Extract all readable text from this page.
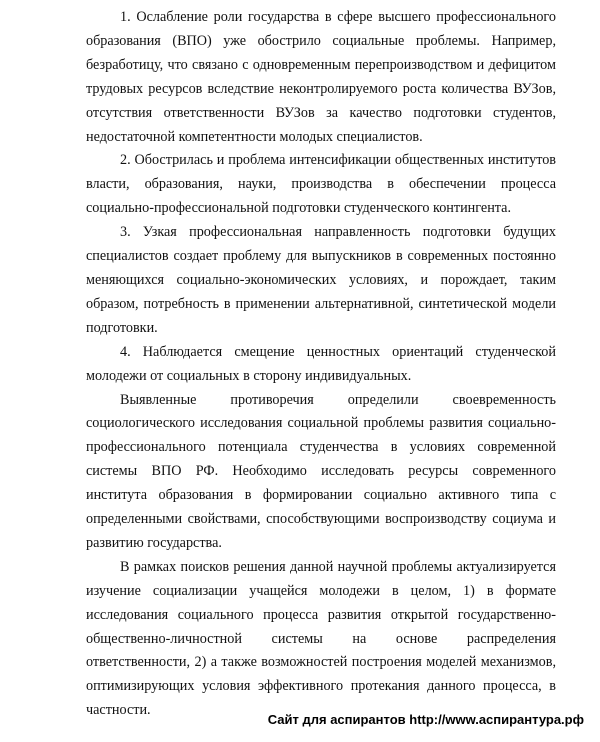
1. Ослабление роли государства в сфере высшего профессионального образования (ВПО) уже обострило социальные проблемы. Например, безработицу, что связано с одновременным перепроизводством и дефицитом трудовых ресурсов вследствие неконтролируемого роста количества ВУЗов, отсутствия ответственности ВУЗов за качество подготовки студентов, недостаточной компетентности молодых специалистов.

2. Обострилась и проблема интенсификации общественных институтов власти, образования, науки, производства в обеспечении процесса социально-профессиональной подготовки студенческого контингента.

3. Узкая профессиональная направленность подготовки будущих специалистов создает проблему для выпускников в современных постоянно меняющихся социально-экономических условиях, и порождает, таким образом, потребность в применении альтернативной, синтетической модели подготовки.

4. Наблюдается смещение ценностных ориентаций студенческой молодежи от социальных в сторону индивидуальных.

Выявленные противоречия определили своевременность социологического исследования социальной проблемы развития социально-профессионального потенциала студенчества в условиях современной системы ВПО РФ. Необходимо исследовать ресурсы современного института образования в формировании социально активного типа с определенными свойствами, способствующими воспроизводству социума и развитию государства.

В рамках поисков решения данной научной проблемы актуализируется изучение социализации учащейся молодежи в целом, 1) в формате исследования социального процесса развития открытой государственно-общественно-личностной системы на основе распределения ответственности, 2) а также возможностей построения моделей механизмов, оптимизирующих условия эффективного протекания данного процесса, в частности.

Сайт для аспирантов http://www.аспирантура.рф
